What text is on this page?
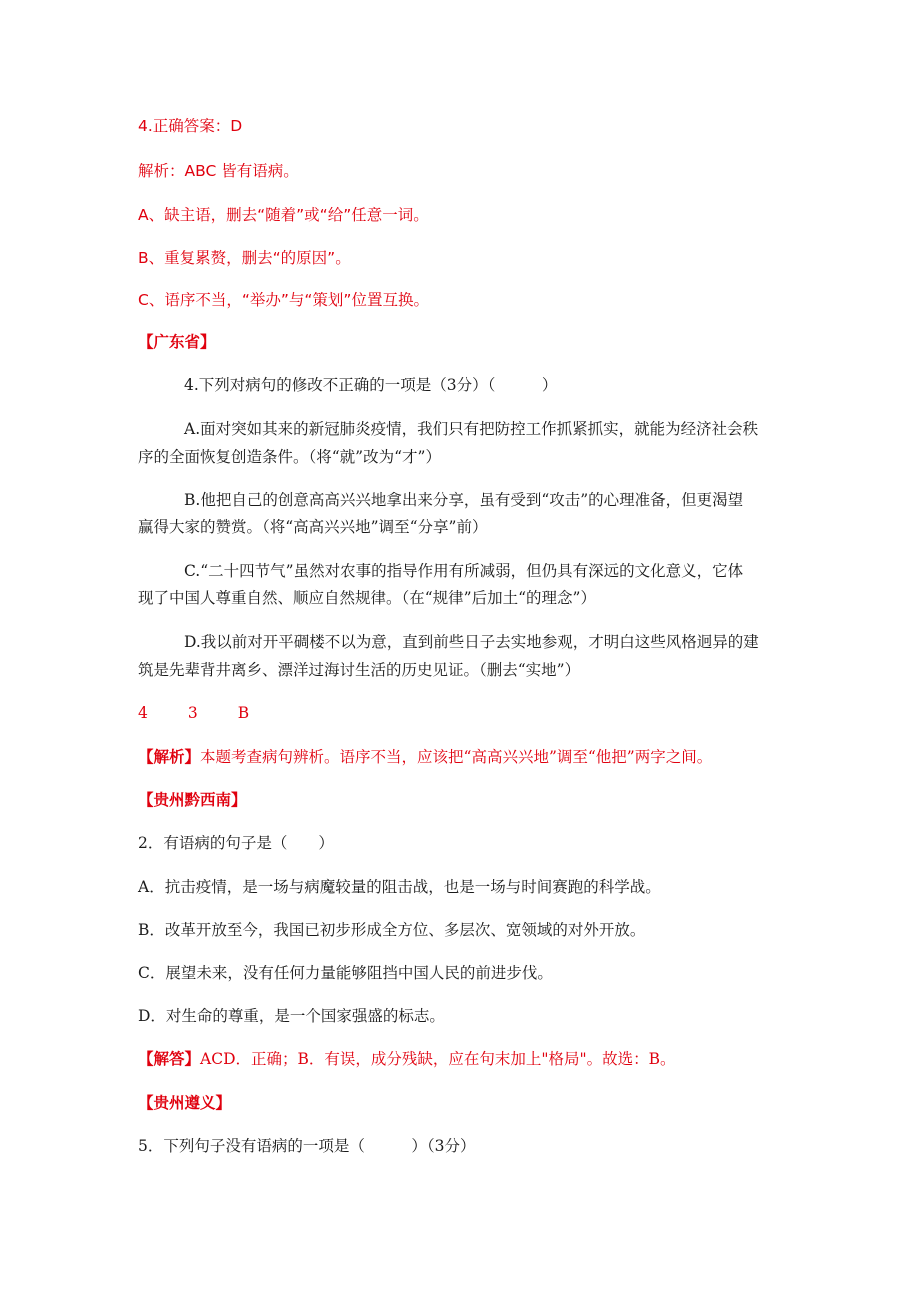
4.正确答案：D
解析：ABC 皆有语病。
A、缺主语，删去“随着”或“给”任意一词。
B、重复累赘，删去“的原因”。
C、语序不当，“举办”与“策划”位置互换。
【广东省】
4.下列对病句的修改不正确的一项是（3分）（　　　）
A.面对突如其来的新冠肺炎疫情，我们只有把防控工作抓紧抓实，就能为经济社会秩
序的全面恢复创造条件。（将“就”改为“才”）
B.他把自己的创意高高兴兴地拿出来分享，虽有受到“攻击”的心理准备，但更渴望
赢得大家的赞赏。（将“高高兴兴地”调至“分享”前）
C.“二十四节气”虽然对农事的指导作用有所减弱，但仍具有深远的文化意义，它体
现了中国人尊重自然、顺应自然规律。（在“规律”后加土“的理念”）
D.我以前对开平碉楼不以为意，直到前些日子去实地参观，才明白这些风格迥异的建
筑是先辈背井离乡、漂洋过海讨生活的历史见证。（删去“实地”）
4	3	B
【解析】本题考查病句辨析。语序不当，应该把“高高兴兴地”调至“他把”两字之间。
【贵州黔西南】
2．有语病的句子是（　　）
A．抗击疫情，是一场与病魔较量的阻击战，也是一场与时间赛跑的科学战。
B．改革开放至今，我国已初步形成全方位、多层次、宽领域的对外开放。
C．展望未来，没有任何力量能够阻挡中国人民的前进步伐。
D．对生命的尊重，是一个国家强盛的标志。
【解答】ACD．正确；B．有误，成分残缺，应在句末加上"格局"。故选：B。
【贵州遵义】
5．下列句子没有语病的一项是（　　　）（3分）
